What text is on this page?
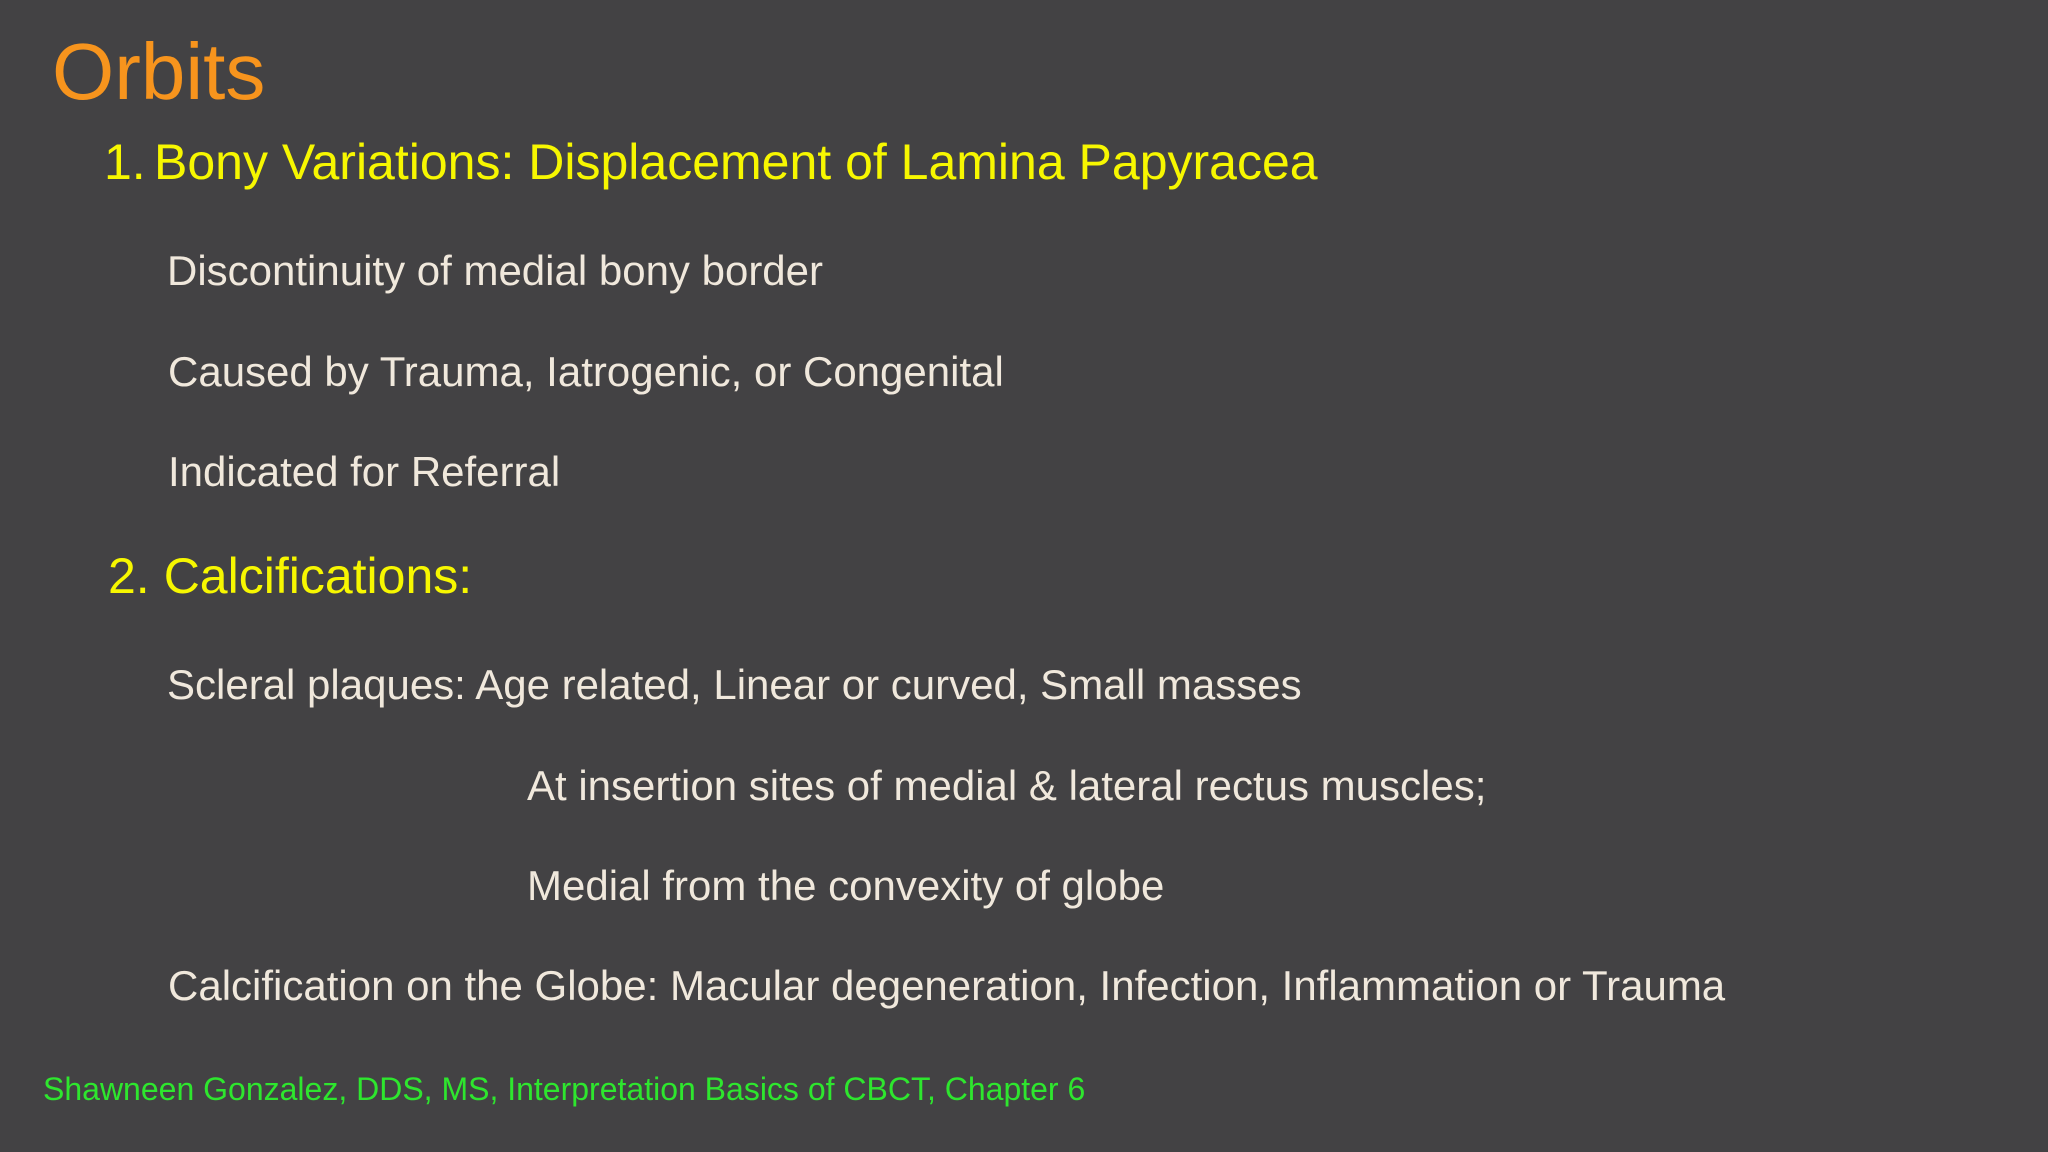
Orbits
1. Bony Variations: Displacement of Lamina Papyracea
Discontinuity of medial bony border
Caused by Trauma, Iatrogenic, or Congenital
Indicated for Referral
2. Calcifications:
Scleral plaques: Age related, Linear or curved, Small masses
At insertion sites of medial & lateral rectus muscles;
Medial from the convexity of globe
Calcification on the Globe: Macular degeneration, Infection, Inflammation or Trauma
Shawneen Gonzalez, DDS, MS, Interpretation Basics of CBCT, Chapter 6
